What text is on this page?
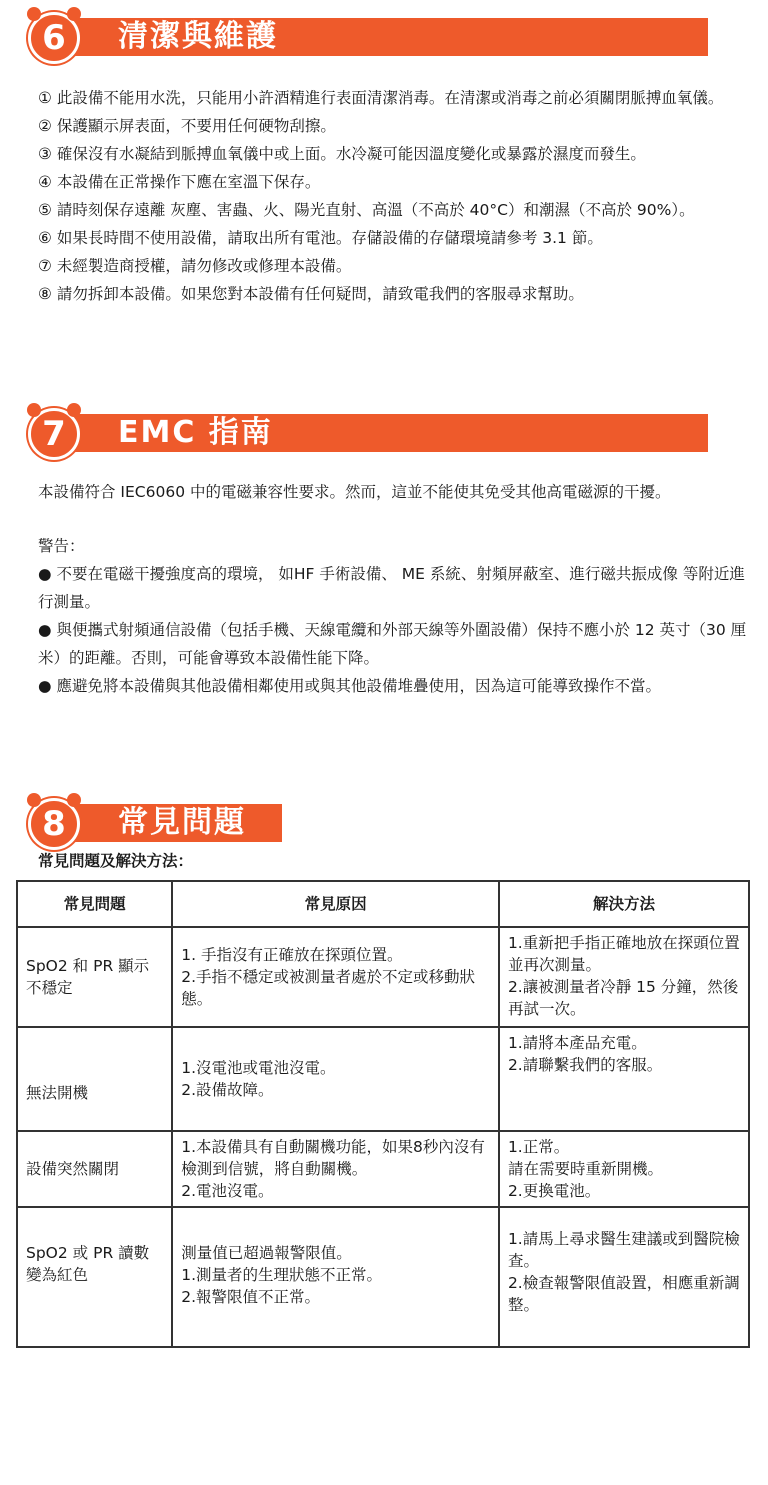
清潔與維護
6

① 此設備不能用水洗，只能用小許酒精進行表面清潔消毒。在清潔或消毒之前必須關閉脈搏血氧儀。

② 保護顯示屏表面，不要用任何硬物刮擦。

③ 確保沒有水凝結到脈搏血氧儀中或上面。水冷凝可能因溫度變化或暴露於濕度而發生。

④ 本設備在正常操作下應在室溫下保存。

⑤ 請時刻保存遠離 灰塵、害蟲、火、陽光直射、高溫（不高於 40°C）和潮濕（不高於 90%）。

⑥ 如果長時間不使用設備，請取出所有電池。存儲設備的存儲環境請參考 3.1 節。

⑦ 未經製造商授權，請勿修改或修理本設備。

⑧ 請勿拆卸本設備。如果您對本設備有任何疑問，請致電我們的客服尋求幫助。

EMC 指南
7

本設備符合 IEC6060 中的電磁兼容性要求。然而，這並不能使其免受其他高電磁源的干擾。

警告：

● 不要在電磁干擾強度高的環境， 如HF 手術設備、 ME 系統、射頻屏蔽室、進行磁共振成像 等附近進行測量。

● 與便攜式射頻通信設備（包括手機、天線電纜和外部天線等外圍設備）保持不應小於 12 英寸（30 厘米）的距離。否則，可能會導致本設備性能下降。

● 應避免將本設備與其他設備相鄰使用或與其他設備堆疊使用，因為這可能導致操作不當。

常見問題
8

常見問題及解決方法：

常見問題	常見原因	解決方法
SpO2 和 PR 顯示不穩定	1. 手指沒有正確放在探頭位置。
2.手指不穩定或被測量者處於不定或移動狀態。	1.重新把手指正確地放在探頭位置並再次測量。
2.讓被測量者冷靜 15 分鐘，然後再試一次。

無法開機	1.沒電池或電池沒電。
2.設備故障。	1.請將本產品充電。
2.請聯繫我們的客服。

設備突然關閉	1.本設備具有自動關機功能，如果8秒內沒有檢測到信號，將自動關機。
2.電池沒電。	1.正常。
請在需要時重新開機。
2.更換電池。

SpO2 或 PR 讀數變為紅色	測量值已超過報警限值。
1.測量者的生理狀態不正常。
2.報警限值不正常。	1.請馬上尋求醫生建議或到醫院檢查。
2.檢查報警限值設置，相應重新調整。
